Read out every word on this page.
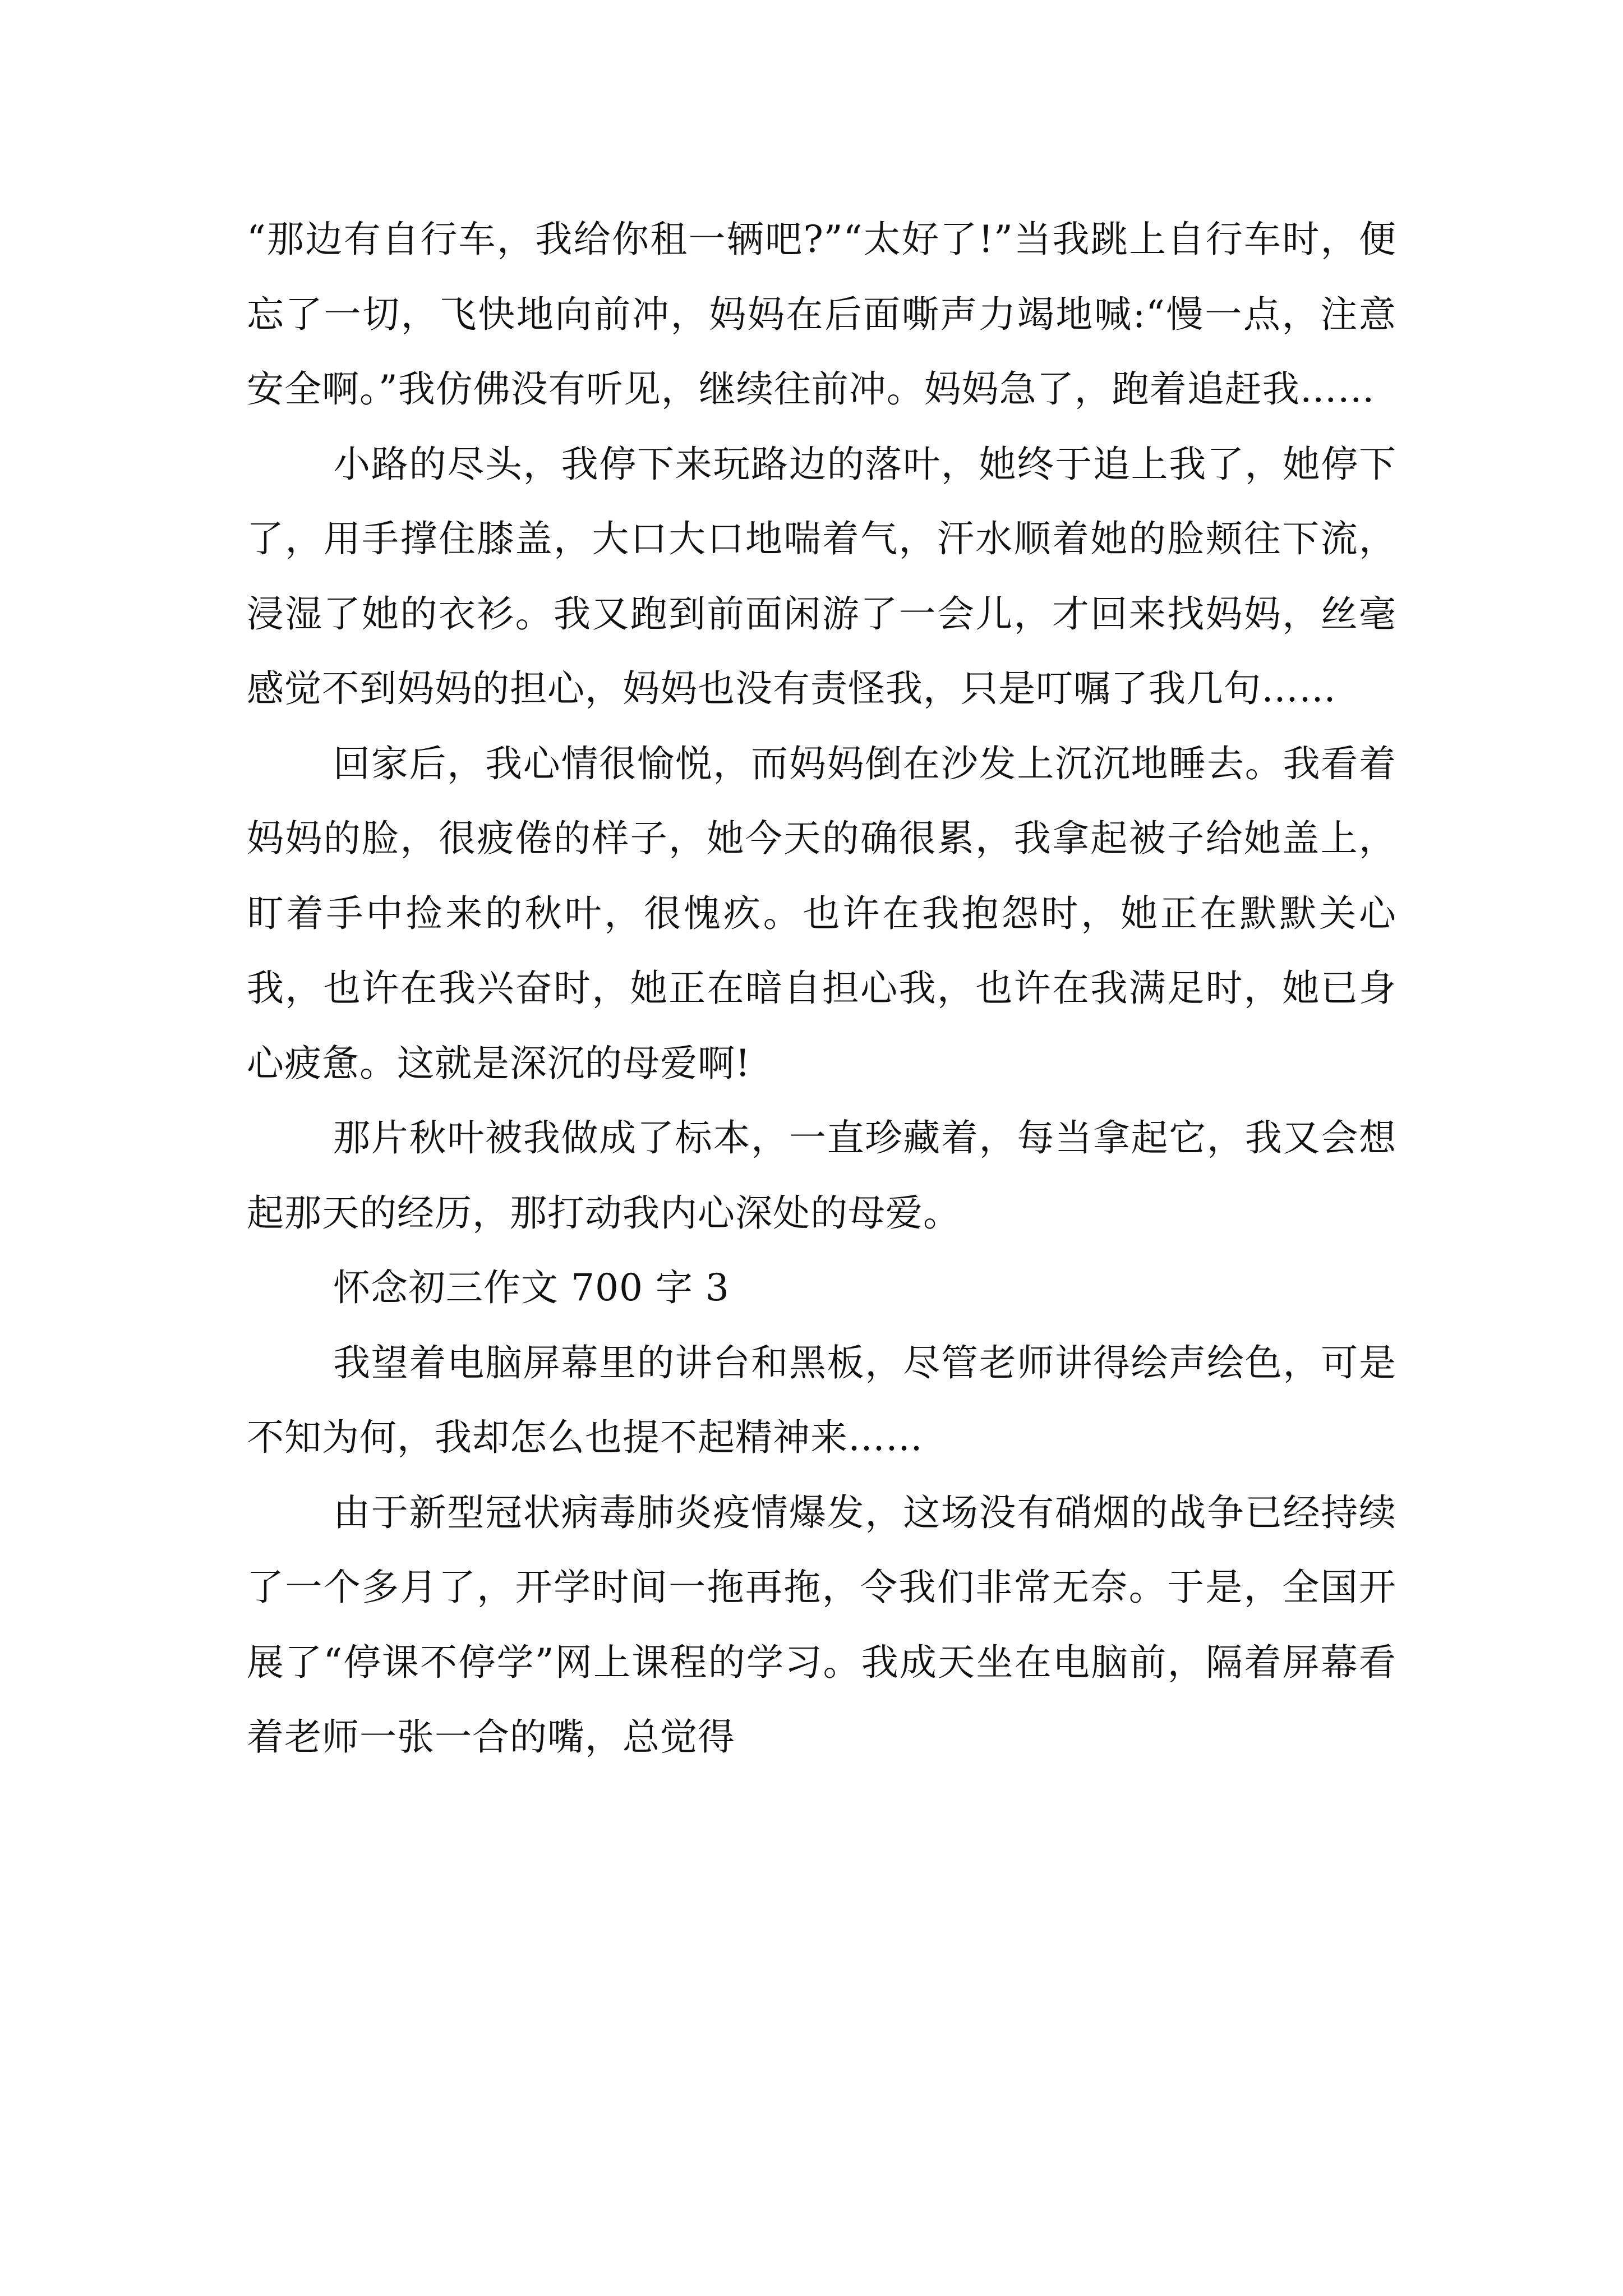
“那边有自行车，我给你租一辆吧?”“太好了!”当我跳上自行车时，便忘了一切，飞快地向前冲，妈妈在后面嘶声力竭地喊:“慢一点，注意安全啊。”我仿佛没有听见，继续往前冲。妈妈急了，跑着追赶我……

小路的尽头，我停下来玩路边的落叶，她终于追上我了，她停下了，用手撑住膝盖，大口大口地喘着气，汗水顺着她的脸颊往下流，浸湿了她的衣衫。我又跑到前面闲游了一会儿，才回来找妈妈，丝毫感觉不到妈妈的担心，妈妈也没有责怪我，只是叮嘱了我几句……

回家后，我心情很愉悦，而妈妈倒在沙发上沉沉地睡去。我看着妈妈的脸，很疲倦的样子，她今天的确很累，我拿起被子给她盖上，盯着手中捡来的秋叶，很愧疚。也许在我抱怨时，她正在默默关心我，也许在我兴奋时，她正在暗自担心我，也许在我满足时，她已身心疲惫。这就是深沉的母爱啊!

那片秋叶被我做成了标本，一直珍藏着，每当拿起它，我又会想起那天的经历，那打动我内心深处的母爱。

怀念初三作文 700 字 3

我望着电脑屏幕里的讲台和黑板，尽管老师讲得绘声绘色，可是不知为何，我却怎么也提不起精神来……

由于新型冠状病毒肺炎疫情爆发，这场没有硝烟的战争已经持续了一个多月了，开学时间一拖再拖，令我们非常无奈。于是，全国开展了“停课不停学”网上课程的学习。我成天坐在电脑前，隔着屏幕看着老师一张一合的嘴，总觉得
